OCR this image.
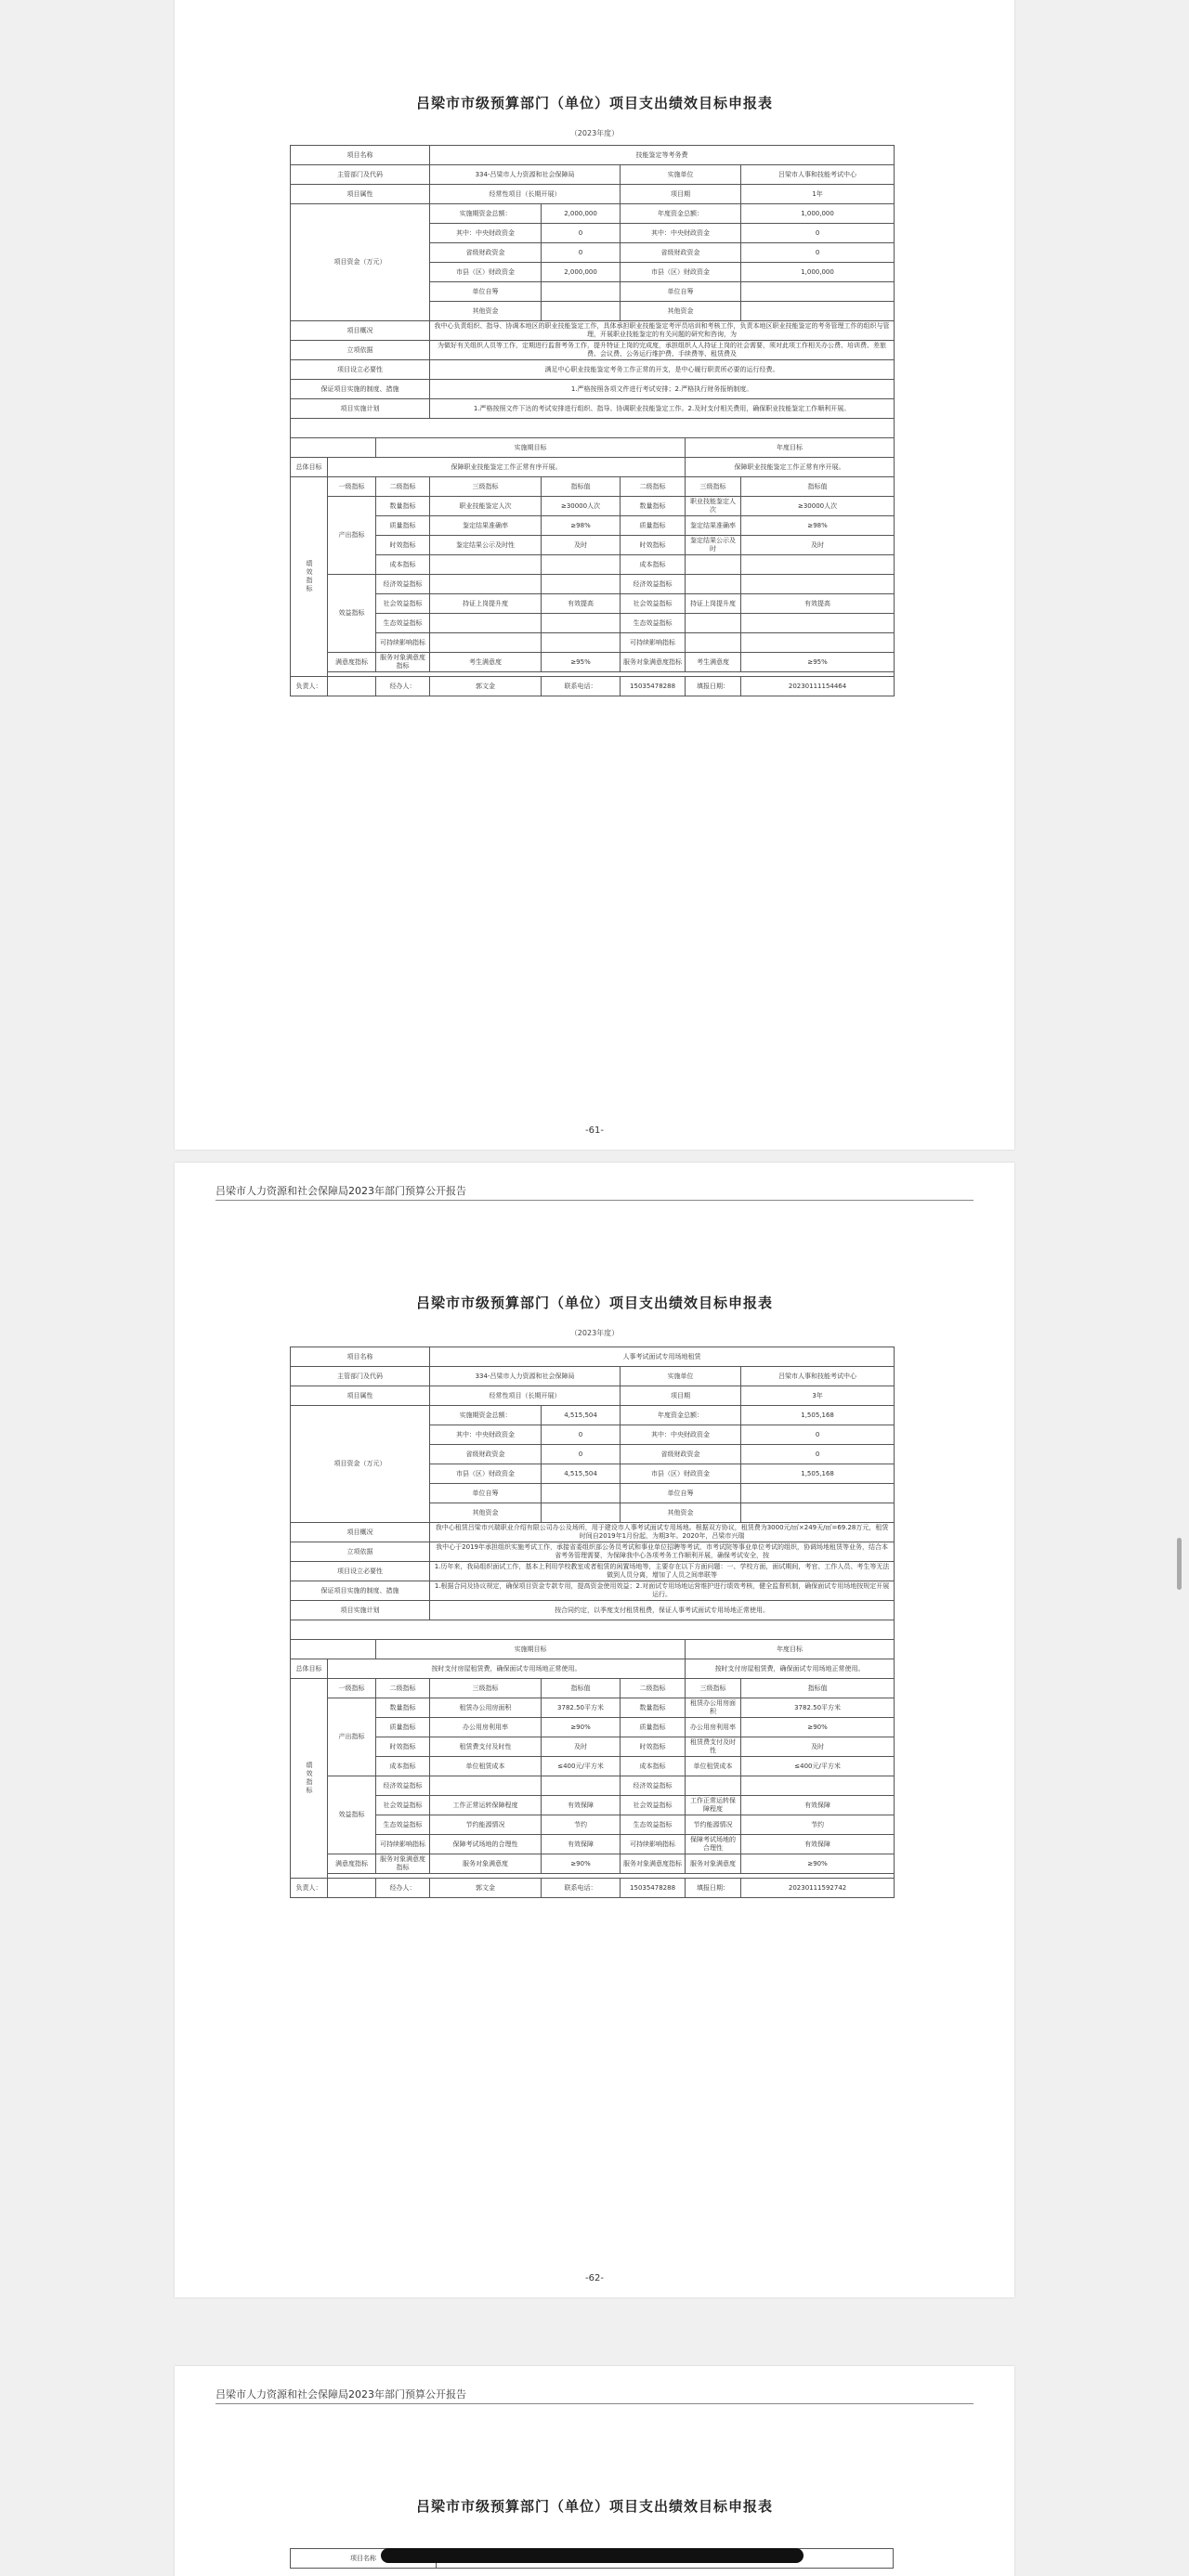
吕梁市市级预算部门（单位）项目支出绩效目标申报表
（2023年度）
项目名称			技能鉴定等考务费				
主管部门及代码			334-吕梁市人力资源和社会保障局		实施单位		吕梁市人事和技能考试中心
项目属性			经常性项目（长期开展）		项目期		1年
项目资金（万元）			实施期资金总额：	2,000,000	年度资金总额：		1,000,000
			其中：中央财政资金	0	其中：中央财政资金		0
			省级财政资金	0	省级财政资金		0
			市县（区）财政资金	2,000,000	市县（区）财政资金		1,000,000
			单位自筹		单位自筹		
			其他资金		其他资金		
项目概况			我中心负责组织、指导、协调本地区的职业技能鉴定工作，具体承担职业技能鉴定考评员培训和考核工作，负责本地区职业技能鉴定的考务管理工作的组织与管理，开展职业技能鉴定的有关问题的研究和咨询，为				
立项依据			为做好有关组织人员等工作，定期进行监督考务工作，提升特证上岗的完成度，承担组织人人持证上岗的社会需要，须对此项工作相关办公费、培训费、差旅费、会议费、公务运行维护费、手续费等、租赁费及				
项目设立必要性			满足中心职业技能鉴定考务工作正常的开支，是中心履行职责所必要的运行经费。				
保证项目实施的制度、措施			1.严格按照各项文件进行考试安排；2.严格执行财务报销制度。				
项目实施计划			1.严格按照文件下达的考试安排进行组织、指导、协调职业技能鉴定工作。2.及时支付相关费用，确保职业技能鉴定工作顺利开展。				

		实施期目标				年度目标	
总体目标	保障职业技能鉴定工作正常有序开展。					保障职业技能鉴定工作正常有序开展。	
绩效指标	一级指标	二级指标	三级指标	指标值	二级指标	三级指标	指标值
	产出指标	数量指标	职业技能鉴定人次	≥30000人次	数量指标	职业技能鉴定人次	≥30000人次
		质量指标	鉴定结果准确率	≥98%	质量指标	鉴定结果准确率	≥98%
		时效指标	鉴定结果公示及时性	及时	时效指标	鉴定结果公示及时	及时
		成本指标			成本指标		
	效益指标	经济效益指标			经济效益指标		
		社会效益指标	持证上岗提升度	有效提高	社会效益指标	持证上岗提升度	有效提高
		生态效益指标			生态效益指标		
		可持续影响指标			可持续影响指标		
	满意度指标	服务对象满意度指标	考生满意度	≥95%	服务对象满意度指标	考生满意度	≥95%

负责人：		经办人：	郭文金	联系电话：	15035478288	填报日期：	20230111154464
-61-
吕梁市人力资源和社会保障局2023年部门预算公开报告
吕梁市市级预算部门（单位）项目支出绩效目标申报表
（2023年度）
项目名称			人事考试面试专用场地租赁				
主管部门及代码			334-吕梁市人力资源和社会保障局		实施单位		吕梁市人事和技能考试中心
项目属性			经常性项目（长期开展）		项目期		3年
项目资金（万元）			实施期资金总额：	4,515,504	年度资金总额：		1,505,168
			其中：中央财政资金	0	其中：中央财政资金		0
			省级财政资金	0	省级财政资金		0
			市县（区）财政资金	4,515,504	市县（区）财政资金		1,505,168
			单位自筹		单位自筹		
			其他资金		其他资金		
项目概况			我中心租赁吕梁市兴瑞职业介绍有限公司办公及场所，用于建设市人事考试面试专用场地。根据双方协议，租赁费为3000元/㎡×249天/㎡=69.28万元，租赁时间自2019年1月份起，为期3年。2020年，吕梁市兴瑞				
立项依据			我中心于2019年承担组织实施考试工作，承接省委组织部公务员考试和事业单位招聘等考试，市考试院等事业单位考试的组织，协调场地租赁等业务，结合本省考务管理需要，为保障我中心各项考务工作顺利开展，确保考试安全，按				
项目设立必要性			1.历年来，我局组织面试工作，基本上利用学校教室或者租赁的闲置场地等，主要存在以下方面问题：一、学校方面，面试期间，考官、工作人员、考生等无法做到人员分离，增加了人员之间串联等				
保证项目实施的制度、措施			1.根据合同及协议规定，确保项目资金专款专用，提高资金使用效益；2.对面试专用场地运营维护进行绩效考核，健全监督机制，确保面试专用场地按规定开展运行。				
项目实施计划			按合同约定，以季度支付租赁租费，保证人事考试面试专用场地正常使用。				

		实施期目标				年度目标	
总体目标	按时支付房屋租赁费，确保面试专用场地正常使用。					按时支付房屋租赁费，确保面试专用场地正常使用。	
绩效指标	一级指标	二级指标	三级指标	指标值	二级指标	三级指标	指标值
	产出指标	数量指标	租赁办公用房面积	3782.50平方米	数量指标	租赁办公用房面积	3782.50平方米
		质量指标	办公用房利用率	≥90%	质量指标	办公用房利用率	≥90%
		时效指标	租赁费支付及时性	及时	时效指标	租赁费支付及时性	及时
		成本指标	单位租赁成本	≤400元/平方米	成本指标	单位租赁成本	≤400元/平方米
	效益指标	经济效益指标			经济效益指标		
		社会效益指标	工作正常运转保障程度	有效保障	社会效益指标	工作正常运转保障程度	有效保障
		生态效益指标	节约能源情况	节约	生态效益指标	节约能源情况	节约
		可持续影响指标	保障考试场地的合理性	有效保障	可持续影响指标	保障考试场地的合理性	有效保障
	满意度指标	服务对象满意度指标	服务对象满意度	≥90%	服务对象满意度指标	服务对象满意度	≥90%

负责人：		经办人：	郭文金	联系电话：	15035478288	填报日期：	20230111592742
-62-
吕梁市人力资源和社会保障局2023年部门预算公开报告
吕梁市市级预算部门（单位）项目支出绩效目标申报表
项目名称	
